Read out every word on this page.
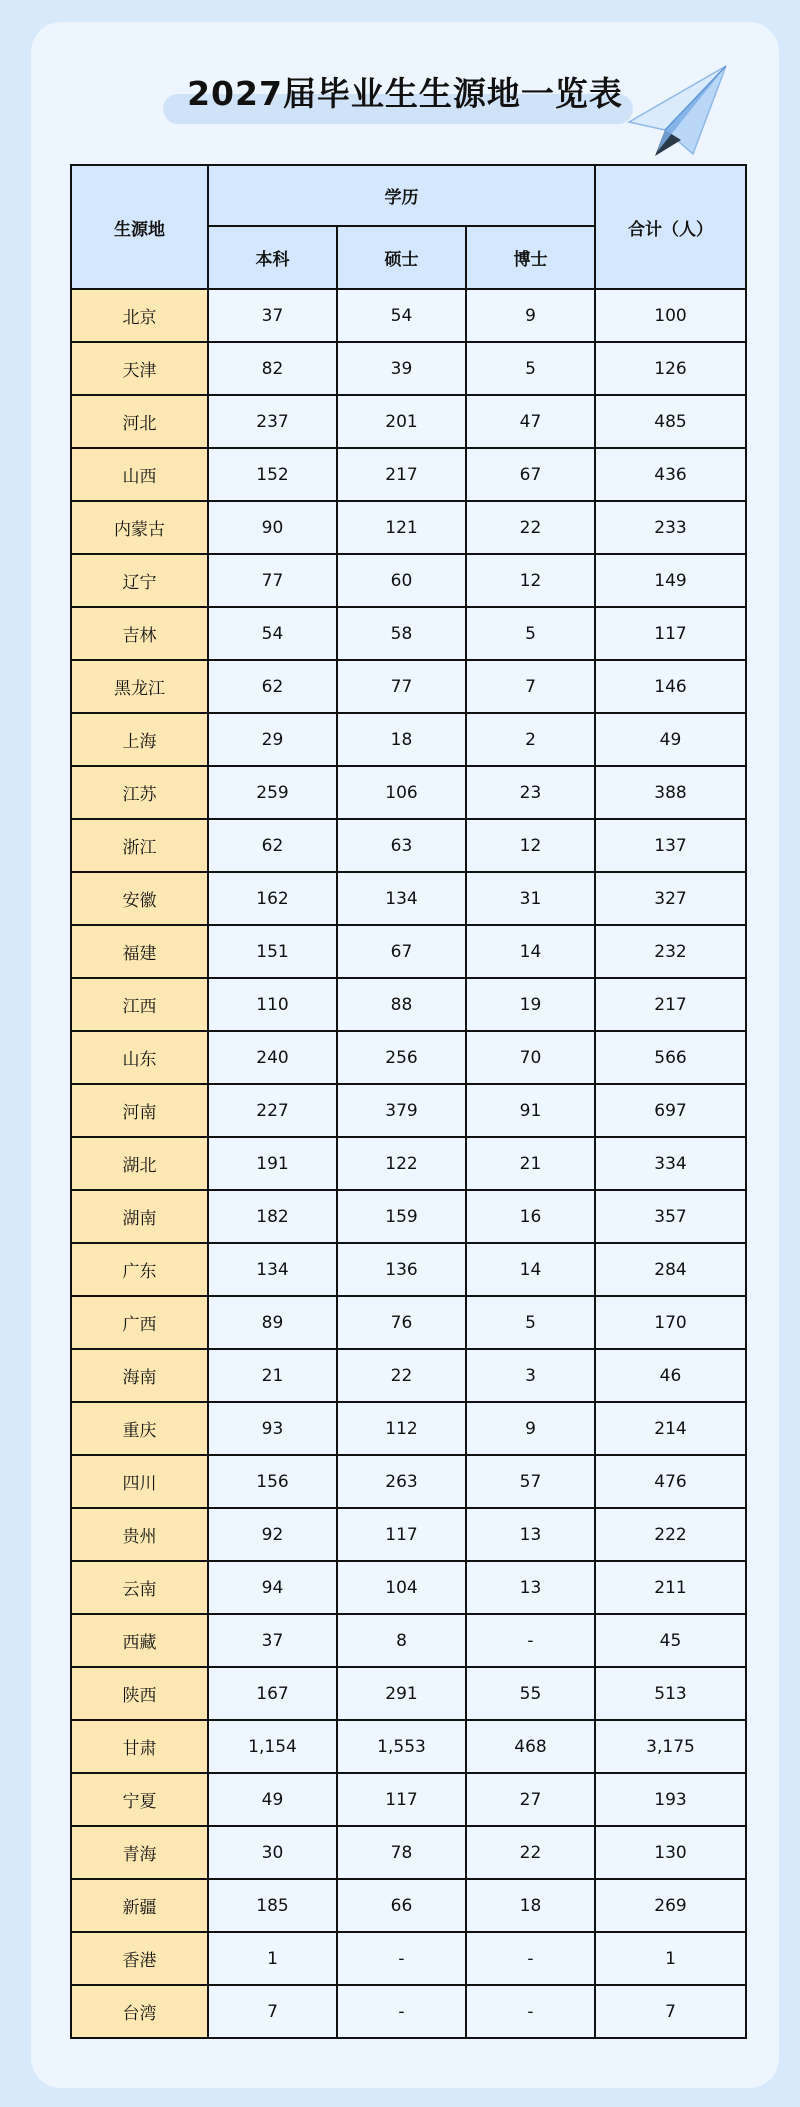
2027届毕业生生源地一览表
生源地	学历			合计（人）
	本科	硕士	博士	
北京	37	54	9	100
天津	82	39	5	126
河北	237	201	47	485
山西	152	217	67	436
内蒙古	90	121	22	233
辽宁	77	60	12	149
吉林	54	58	5	117
黑龙江	62	77	7	146
上海	29	18	2	49
江苏	259	106	23	388
浙江	62	63	12	137
安徽	162	134	31	327
福建	151	67	14	232
江西	110	88	19	217
山东	240	256	70	566
河南	227	379	91	697
湖北	191	122	21	334
湖南	182	159	16	357
广东	134	136	14	284
广西	89	76	5	170
海南	21	22	3	46
重庆	93	112	9	214
四川	156	263	57	476
贵州	92	117	13	222
云南	94	104	13	211
西藏	37	8	-	45
陕西	167	291	55	513
甘肃	1,154	1,553	468	3,175
宁夏	49	117	27	193
青海	30	78	22	130
新疆	185	66	18	269
香港	1	-	-	1
台湾	7	-	-	7
